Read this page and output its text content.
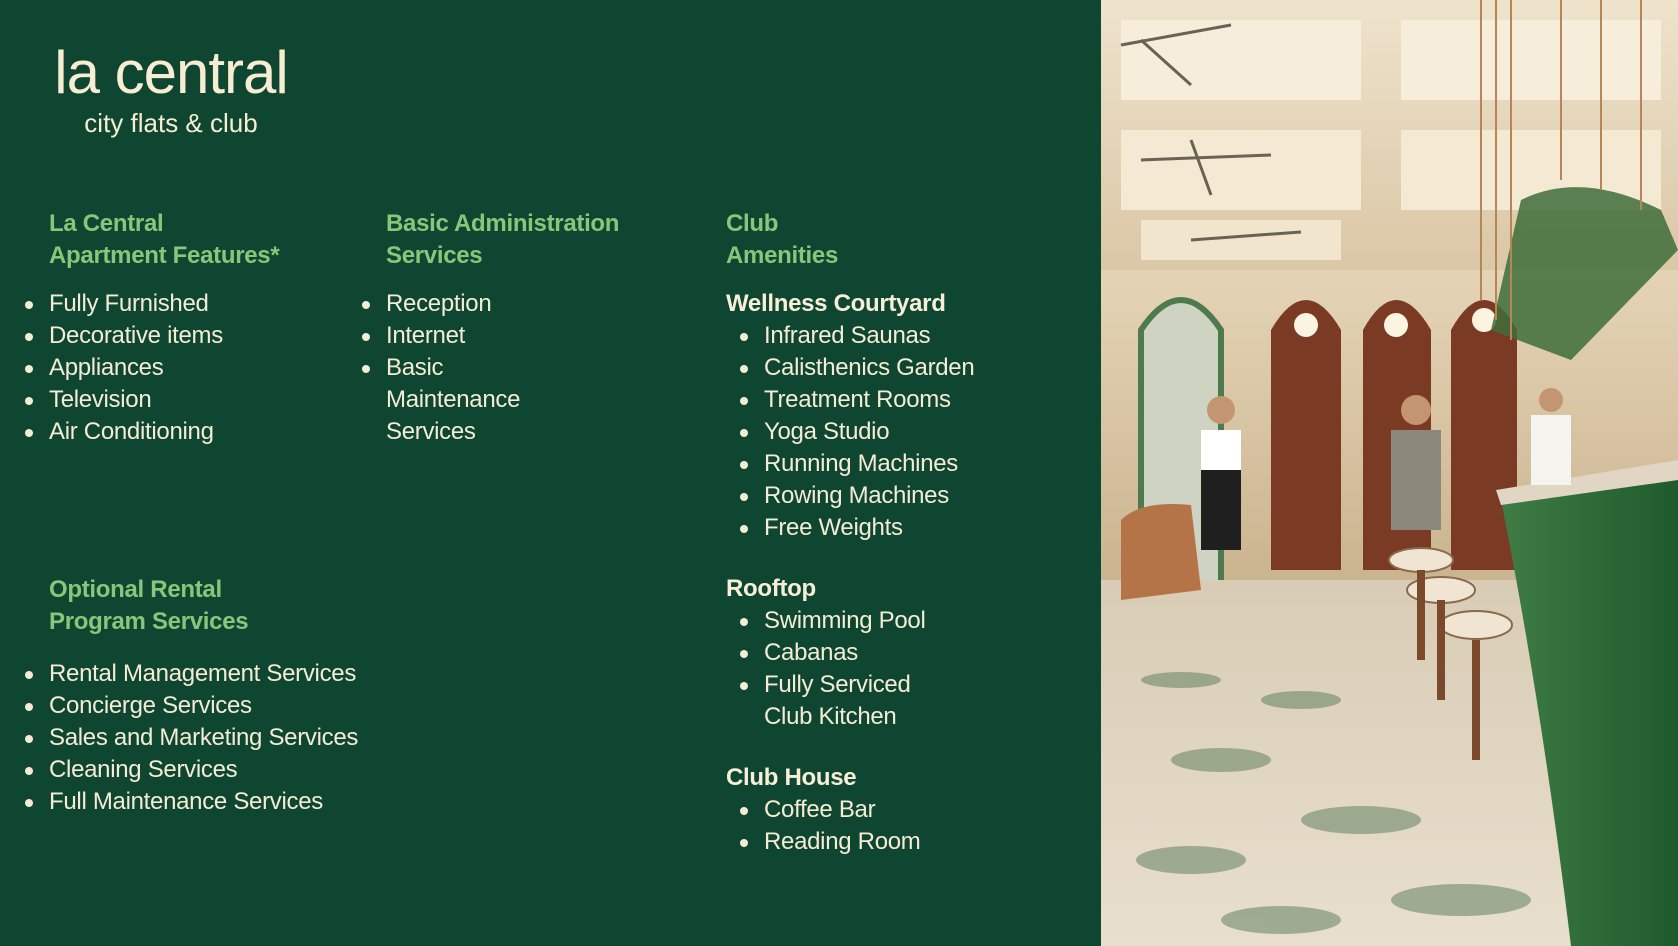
la central
city flats & club
La Central
Apartment Features*
Fully Furnished
Decorative items
Appliances
Television
Air Conditioning
Basic Administration
Services
Reception
Internet
Basic
Maintenance
Services
Optional Rental
Program Services
Rental Management Services
Concierge Services
Sales and Marketing Services
Cleaning Services
Full Maintenance Services
Club
Amenities
Wellness Courtyard
Infrared Saunas
Calisthenics Garden
Treatment Rooms
Yoga Studio
Running Machines
Rowing Machines
Free Weights
Rooftop
Swimming Pool
Cabanas
Fully Serviced
Club Kitchen
Club House
Coffee Bar
Reading Room
